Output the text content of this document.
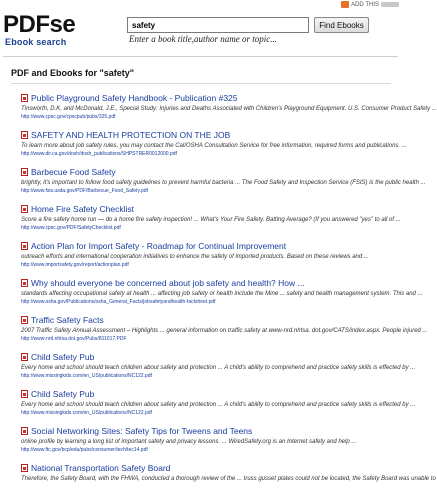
ADD THIS
PDFse
Ebook search
safety
Find Ebooks
Enter a book title,author name or topic...
PDF and Ebooks for "safety"
Public Playground Safety Handbook - Publication #325
Tinsworth, D.K. and McDonald, J.E., Special Study: Injuries and Deaths Associated with Children's Playground Equipment. U.S. Consumer Product Safety ...
http://www.cpsc.gov/cpscpub/pubs/325.pdf
SAFETY AND HEALTH PROTECTION ON THE JOB
To learn more about job safety rules, you may contact the Cal/OSHA Consultation Service for free information, required forms and publications. ...
http://www.dir.ca.gov/dosh/dosh_publications/SHPSTRER0012000.pdf
Barbecue Food Safety
brightly, it's important to follow food safety guidelines to prevent harmful bacteria ... The Food Safety and Inspection Service (FSIS) is the public health ...
http://www.fsis.usda.gov/PDF/Barbecue_Food_Safety.pdf
Home Fire Safety Checklist
Score a fire safety home run — do a home fire safety inspection! ... What's Your Fire Safety. Batting Average? (If you answered "yes" to all of ...
http://www.cpsc.gov/PDF/SafetyChecklist.pdf
Action Plan for Import Safety - Roadmap for Continual Improvement
outreach efforts and international cooperation initiatives to enhance the safety of imported products. Based on these reviews and ...
http://www.importsafety.gov/report/actionplan.pdf
Why should everyone be concerned about job safety and health? How ...
standards affecting occupational safety at health ... affecting job safety or health include the Mine ... safety and health management system. This and ...
http://www.osha.gov/Publications/osha_General_Facts/jobsafetyandhealth-factsheet.pdf
Traffic Safety Facts
2007 Traffic Safety Annual Assessment – Highlights ... general information on traffic safety at www-nrd.nhtsa. dot.gov/CATS/index.aspx. People injured ...
http://www-nrd.nhtsa.dot.gov/Pubs/811017.PDF
Child Safety Pub
Every home and school should teach children about safety and protection ... A child's ability to comprehend and practice safety skills is effected by ...
http://www.missingkids.com/en_US/publications/NC122.pdf
Child Safety Pub
Every home and school should teach children about safety and protection ... A child's ability to comprehend and practice safety skills is effected by ...
http://www.missingkids.com/en_US/publications/NC122.pdf
Social Networking Sites: Safety Tips for Tweens and Teens
online profile by learning a long list of important safety and privacy lessons. ... WiredSafety.org is an Internet safety and help ...
http://www.ftc.gov/bcp/edu/pubs/consumer/tech/tec14.pdf
National Transportation Safety Board
Therefore, the Safety Board, with the FHWA, conducted a thorough review of the ... truss gusset plates could not be located, the Safety Board was unable to
